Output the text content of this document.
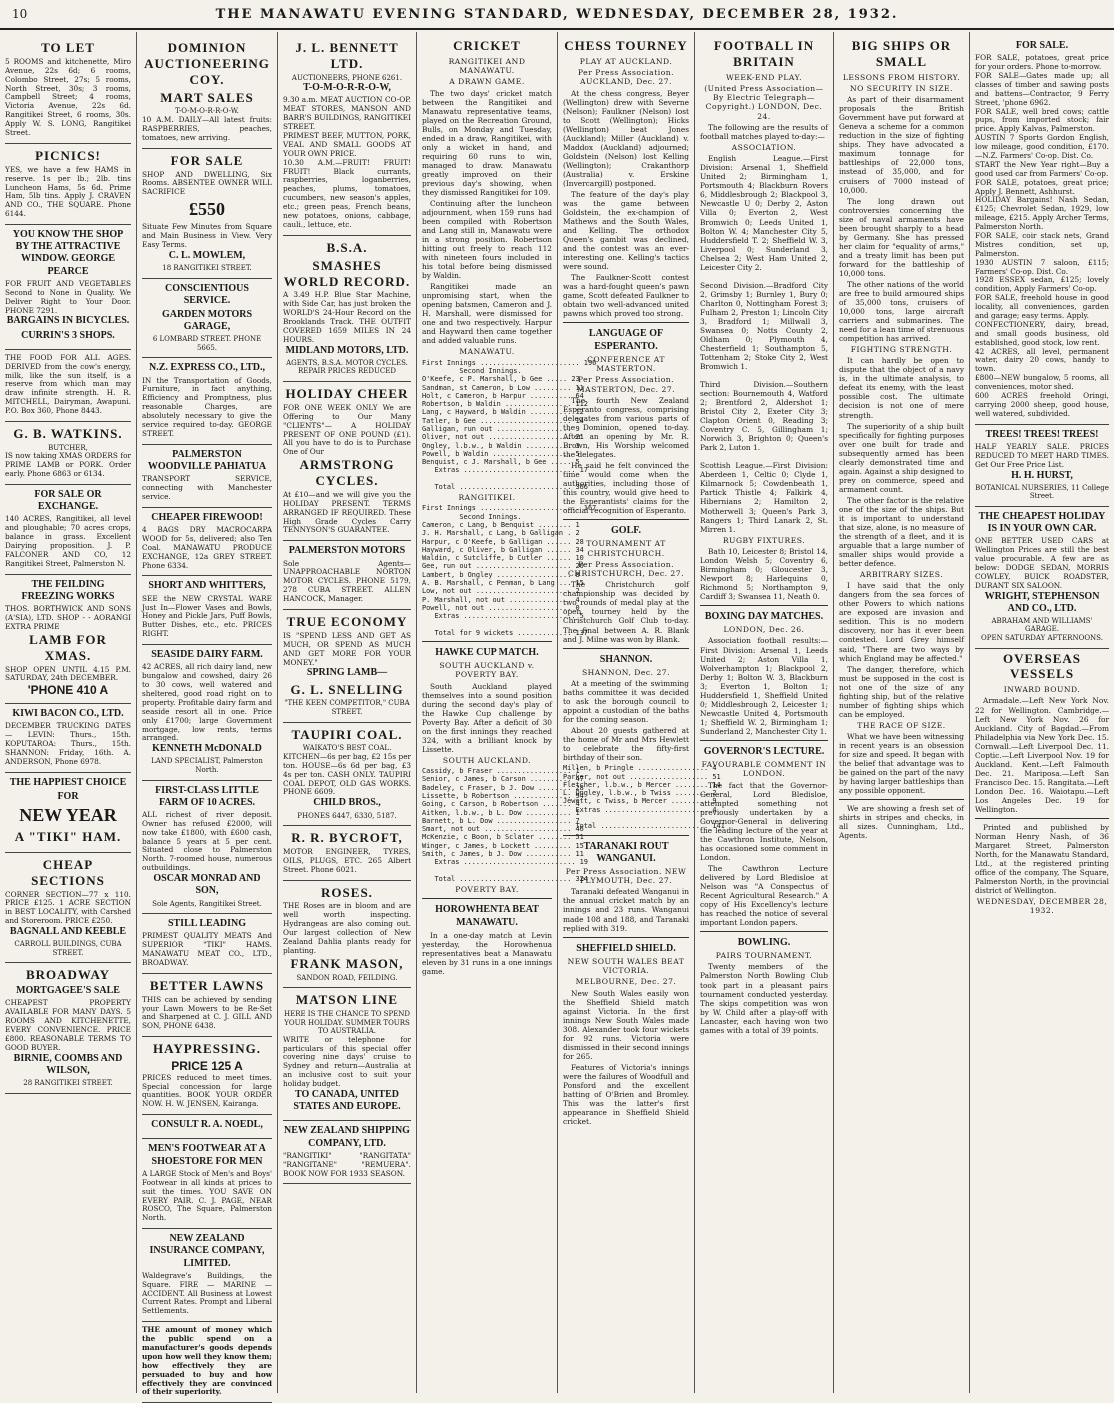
10	THE MANAWATU EVENING STANDARD, WEDNESDAY, DECEMBER 28, 1932.
TO LET

5 ROOMS and kitchenette, Miro Avenue, 22s 6d; 6 rooms, Colombo Street, 27s; 5 rooms, North Street, 30s; 3 rooms, Campbell Street; 4 rooms, Victoria Avenue, 22s 6d. Rangitikei Street, 6 rooms, 30s. Apply W. S. LONG, Rangitikei Street.

PICNICS!

YES, we have a few HAMS in reserve. 1s per lb.; 2lb. tins Luncheon Hams, 5s 6d. Prime Ham, 5lb tins. Apply J. CRAVEN AND CO., THE SQUARE. Phone 6144.

YOU KNOW THE SHOP BY THE ATTRACTIVE WINDOW. GEORGE PEARCE

FOR FRUIT AND VEGETABLES Second to None in Quality. We Deliver Right to Your Door. PHONE 7291.

BARGAINS IN BICYCLES.
CURRIN'S 3 SHOPS.

THE FOOD FOR ALL AGES. DERIVED from the cow's energy, milk, like the sun itself, is a reserve from which man may draw infinite strength. H. R. MITCHELL, Dairyman, Awapuni. P.O. Box 360, Phone 8443.

G. B. WATKINS.
BUTCHER,

IS now taking XMAS ORDERS for PRIME LAMB or PORK. Order early. Phone 6863 or 6134.

FOR SALE OR EXCHANGE.

140 ACRES, Rangitikei, all level and ploughable; 70 acres crops, balance in grass. Excellent Dairying proposition. J. P. FALCONER AND CO, 12 Rangitikei Street, Palmerston N.

THE FEILDING FREEZING WORKS

THOS. BORTHWICK AND SONS (A'SIA), LTD. SHOP - - AORANGI EXTRA PRIME

LAMB FOR XMAS.

SHOP OPEN UNTIL 4.15 P.M. SATURDAY, 24th DECEMBER.

'PHONE 410 A
KIWI BACON CO., LTD.

DECEMBER TRUCKING DATES— LEVIN: Thurs., 15th. KOPUTAROA: Thurs., 15th. SHANNON: Friday, 16th. A. ANDERSON, Phone 6978.

THE HAPPIEST CHOICE
FOR
NEW YEAR
A "TIKI" HAM.
CHEAP SECTIONS

CORNER SECTION—77 x 110. PRICE £125. 1 ACRE SECTION in BEST LOCALITY, with Carshed and Storeroom. PRICE £250.

BAGNALL AND KEEBLE
CARROLL BUILDINGS, CUBA STREET.
BROADWAY
MORTGAGEE'S SALE

CHEAPEST PROPERTY AVAILABLE FOR MANY DAYS. 5 ROOMS AND KITCHENETTE, EVERY CONVENIENCE. PRICE £800. REASONABLE TERMS TO GOOD BUYER.

BIRNIE, COOMBS AND WILSON,
28 RANGITIKEI STREET.
DOMINION AUCTIONEERING COY.
MART SALES
T-O-M-O-R-R-O-W.

10 A.M. DAILY—All latest fruits: RASPBERRIES, peaches, tomatoes, new arriving.

FOR SALE

SHOP AND DWELLING, Six Rooms. ABSENTEE OWNER WILL SACRIFICE

£550

Situate Few Minutes from Square and Main Business in View. Very Easy Terms.

C. L. MOWLEM,
18 RANGITIKEI STREET.
CONSCIENTIOUS SERVICE.
GARDEN MOTORS GARAGE,
6 LOMBARD STREET. PHONE 5665.
N.Z. EXPRESS CO., LTD.,

IN the Transportation of Goods, Furniture, in fact anything, Efficiency and Promptness, plus reasonable Charges, are absolutely necessary to give the service required to-day. GEORGE STREET.

PALMERSTON WOODVILLE PAHIATUA

TRANSPORT SERVICE, connecting with Manchester service.

CHEAPER FIREWOOD!

4 BAGS DRY MACROCARPA WOOD for 5s, delivered; also Ten Coal. MANAWATU PRODUCE EXCHANGE, 12a GREY STREET. Phone 6334.

SHORT AND WHITTERS,

SEE the NEW CRYSTAL WARE Just In—Flower Vases and Bowls, Honey and Pickle Jars, Puff Bowls, Butter Dishes, etc., etc. PRICES RIGHT.

SEASIDE DAIRY FARM.

42 ACRES, all rich dairy land, new bungalow and cowshed, dairy 26 to 30 cows, well watered and sheltered, good road right on to property. Profitable dairy farm and seaside resort all in one. Price only £1700; large Government mortgage, low rents, terms arranged.

KENNETH McDONALD
LAND SPECIALIST, Palmerston North.
FIRST-CLASS LITTLE FARM OF 10 ACRES.

ALL richest of river deposit. Owner has refused £2000, will now take £1800, with £600 cash, balance 5 years at 5 per cent. Situated close to Palmerston North. 7-roomed house, numerous outbuildings.

OSCAR MONRAD AND SON,
Sole Agents, Rangitikei Street.
STILL LEADING

PRIMEST QUALITY MEATS And SUPERIOR "TIKI" HAMS. MANAWATU MEAT CO., LTD., BROADWAY.

BETTER LAWNS

THIS can be achieved by sending your Lawn Mowers to be Re-Set and Sharpened at C. J. GILL AND SON, PHONE 6438.

HAYPRESSING.
PRICE 125 A

PRICES reduced to meet times. Special concession for large quantities. BOOK YOUR ORDER NOW. H. W. JENSEN, Kairanga.

CONSULT R. A. NOEDL,
MEN'S FOOTWEAR AT A SHOESTORE FOR MEN

A LARGE Stock of Men's and Boys' Footwear in all kinds at prices to suit the times. YOU SAVE ON EVERY PAIR. C. J. PAGE, NEAR ROSCO, The Square, Palmerston North.

NEW ZEALAND INSURANCE COMPANY, LIMITED.

Waldegrave's Buildings, the Square. FIRE — MARINE — ACCIDENT. All Business at Lowest Current Rates. Prompt and Liberal Settlements.

THE amount of money which the public spend on a manufacturer's goods depends upon how well they know them; how effectively they are persuaded to buy and how effectively they are convinced of their superiority.

J. L. BENNETT LTD.
AUCTIONEERS, PHONE 6261.
T-O-M-O-R-R-O-W,

9.30 a.m. MEAT AUCTION CO-OP. MEAT STORES, MANSON AND BARR'S BUILDINGS, RANGITIKEI STREET.

PRIMEST BEEF, MUTTON, PORK, VEAL AND SMALL GOODS AT YOUR OWN PRICE.

10.30 A.M.—FRUIT! FRUIT! FRUIT! Black currants, raspberries, loganberries, peaches, plums, tomatoes, cucumbers, new season's apples, etc.; green peas, French beans, new potatoes, onions, cabbage, cauli., lettuce, etc.

B.S.A.
SMASHES WORLD RECORD.

A 3.49 H.P. Blue Star Machine, with Side Car, has just broken the WORLD'S 24-Hour Record on the Brooklands Track. THE OUTFIT COVERED 1659 MILES IN 24 HOURS.

MIDLAND MOTORS, LTD.
AGENTS, B.S.A. MOTOR CYCLES.
REPAIR PRICES REDUCED
HOLIDAY CHEER

FOR ONE WEEK ONLY We are Offering to Our Many "CLIENTS"— A HOLIDAY PRESENT OF ONE POUND (£1). All you have to do is to Purchase One of Our

ARMSTRONG CYCLES.

At £10—and we will give you the HOLIDAY PRESENT. TERMS ARRANGED IF REQUIRED. These High Grade Cycles Carry TENNYSON'S GUARANTEE.

PALMERSTON MOTORS

Sole Agents— UNAPPROACHABLE NORTON MOTOR CYCLES. PHONE 5179, 278 CUBA STREET. ALLEN HANCOCK, Manager.

TRUE ECONOMY

IS "SPEND LESS AND GET AS MUCH, OR SPEND AS MUCH AND GET MORE FOR YOUR MONEY."

SPRING LAMB—
G. L. SNELLING
"THE KEEN COMPETITOR," CUBA STREET.
TAUPIRI COAL.
WAIKATO'S BEST COAL.

KITCHEN—6s per bag, £2 15s per ton. HOUSE—6s 6d per bag, £3 4s per ton. CASH ONLY. TAUPIRI COAL DEPOT, OLD GAS WORKS. PHONE 6609.

CHILD BROS.,
PHONES 6447, 6330, 5187.
R. R. BYCROFT,

MOTOR ENGINEER, TYRES, OILS, PLUGS, ETC. 265 Albert Street. Phone 6021.

ROSES.

THE Roses are in bloom and are well worth inspecting. Hydrangeas are also coming out. Our largest collection of New Zealand Dahlia plants ready for planting.

FRANK MASON,
SANDON ROAD, FEILDING.
MATSON LINE
HERE IS THE CHANCE TO SPEND YOUR HOLIDAY. SUMMER TOURS TO AUSTRALIA.

WRITE or telephone for particulars of this special offer covering nine days' cruise to Sydney and return—Australia at an inclusive cost to suit your holiday budget.

TO CANADA, UNITED STATES AND EUROPE.
NEW ZEALAND SHIPPING COMPANY, LTD.

"RANGITIKI" "RANGITATA" "RANGITANE" "REMUERA". BOOK NOW FOR 1933 SEASON.

CRICKET
RANGITIKEI AND MANAWATU.
A DRAWN GAME.

The two days' cricket match between the Rangitikei and Manawatu representative teams, played on the Recreation Ground, Bulls, on Monday and Tuesday, ended in a draw, Rangitikei, with only a wicket in hand, and requiring 60 runs to win, managed to draw. Manawatu greatly improved on their previous day's showing, when they dismissed Rangitikei for 109.

Continuing after the luncheon adjournment, when 159 runs had been compiled with Robertson and Lang still in, Manawatu were in a strong position. Robertson hitting out freely to reach 112 with nineteen fours included in his total before being dismissed by Waldin.

Rangitikei made an unpromising start, when the opening batsmen, Cameron and J. H. Marshall, were dismissed for one and two respectively. Harpur and Hayward then came together and added valuable runs.

MANAWATU.
First Innings ........................ 196
Second Innings.
O'Keefe, c P. Marshall, b Gee ..... 23
Sandman, st Cameron, b Low ......... 11
Holt, c Cameron, b Harpur .......... 64
Robertson, b Waldin ................ 112
Lang, c Hayward, b Waldin .......... 12
Tatler, b Gee ...................... 14
Galligan, run out .................. 9
Oliver, not out .................... 21
Ongley, l.b.w., b Waldin ........... 3
Powell, b Waldin ................... 5
Benquist, c J. Marshall, b Gee ..... 5
Extras ........................... 17

Total ........................... 366
RANGITIKEI.
First Innings ........................ 167
Second Innings.
Cameron, c Lang, b Benquist ........ 1
J. H. Marshall, c Lang, b Galligan . 2
Harpur, c O'Keefe, b Galligan ...... 28
Hayward, c Oliver, b Galligan ...... 34
Waldin, c Sutcliffe, b Cutler ...... 10
Gee, run out ....................... 20
Lambert, b Ongley .................. 8
A. B. Marshall, c Penman, b Lang ... 15
Low, not out ....................... 2
P. Marshall, not out ............... 4
Powell, not out .................... 0
Extras ........................... 5

Total for 9 wickets ............. 137
HAWKE CUP MATCH.
SOUTH AUCKLAND v. POVERTY BAY.

South Auckland played themselves into a sound position during the second day's play of the Hawke Cup challenge by Poverty Bay. After a deficit of 30 on the first innings they reached 324, with a brilliant knock by Lissette.

SOUTH AUCKLAND.
Cassidy, b Fraser .................. 1
Senior, c James, b Carson .......... 47
Badeley, c Fraser, b J. Dow ........ 28
Lissette, b Robertson .............. 94
Going, c Carson, b Robertson ....... 4
Aitken, l.b.w., b L. Dow ........... 1
Barnett, b L. Dow .................. 7
Smart, not out ..................... 46
McKenzie, c Boon, b Sclater ........ 51
Winger, c James, b Lockett ......... 15
Smith, c James, b J. Dow ........... 11
Extras ........................... 19

Total ........................... 324
POVERTY BAY.
HOROWHENTA BEAT MANAWATU.

In a one-day match at Levin yesterday, the Horowhenua representatives beat a Manawatu eleven by 31 runs in a one innings game.

CHESS TOURNEY
PLAY AT AUCKLAND.
Per Press Association. AUCKLAND, Dec. 27.

At the chess congress, Beyer (Wellington) drew with Severne (Nelson); Faulkner (Nelson) lost to Scott (Wellington); Hicks (Wellington) beat Jones (Auckland); Miller (Auckland) v. Maddox (Auckland) adjourned; Goldstein (Nelson) lost Kelling (Wellington); Crakanthorp (Australia) v. Erskine (Invercargill) postponed.

The feature of the day's play was the game between Goldstein, the ex-champion of Mathews and the South Wales, and Kelling. The orthodox Queen's gambit was declined, and the contest was an ever-interesting one. Kelling's tactics were sound.

The Faulkner-Scott contest was a hard-fought queen's pawn game, Scott defeated Faulkner to obtain two well-advanced united pawns which proved too strong.

LANGUAGE OF ESPERANTO.
CONFERENCE AT MASTERTON.
Per Press Association. MASTERTON, Dec. 27.

The fourth New Zealand Esperanto congress, comprising delegates from various parts of the Dominion, opened to-day. After an opening by Mr. R. Brown, His Worship welcomed the delegates.

He said he felt convinced the time would come when the authorities, including those of this country, would give heed to the Esperantists' claims for the official recognition of Esperanto.

GOLF.
TOURNAMENT AT CHRISTCHURCH.
Per Press Association. CHRISTCHURCH, Dec. 27.

The Christchurch golf championship was decided by two rounds of medal play at the open tourney held by the Christchurch Golf Club to-day. The final between A. R. Blank and J. Milne was won by Blank.

SHANNON.
SHANNON, Dec. 27.

At a meeting of the swimming baths committee it was decided to ask the borough council to appoint a custodian of the baths for the coming season.

About 20 guests gathered at the home of Mr and Mrs Hewlett to celebrate the fifty-first birthday of their son.

Millen, b Pringle ................. 4
Parker, not out ................... 51
Fletcher, l.b.w., b Mercer ........ 14
L. Ongley, l.b.w., b Twiss ........ 2
Jewett, c Twiss, b Mercer ......... 9
Extras ......................... 4

Total .......................... 141
TARANAKI ROUT WANGANUI.
Per Press Association. NEW PLYMOUTH, Dec. 27.

Taranaki defeated Wanganui in the annual cricket match by an innings and 23 runs. Wanganui made 108 and 188, and Taranaki replied with 319.

SHEFFIELD SHIELD.
NEW SOUTH WALES BEAT VICTORIA.
MELBOURNE, Dec. 27.

New South Wales easily won the Sheffield Shield match against Victoria. In the first innings New South Wales made 308. Alexander took four wickets for 92 runs. Victoria were dismissed in their second innings for 265.

Features of Victoria's innings were the failures of Woodfull and Ponsford and the excellent batting of O'Brien and Bromley. This was the latter's first appearance in Sheffield Shield cricket.

FOOTBALL IN BRITAIN
WEEK-END PLAY.
(United Press Association—By Electric Telegraph—Copyright.) LONDON, Dec. 24.

The following are the results of football matches played to-day:—

ASSOCIATION.

English League.—First Division: Arsenal 1, Sheffield United 2; Birmingham 1, Portsmouth 4; Blackburn Rovers 6, Middlesbrough 2; Blackpool 3, Newcastle U 0; Derby 2, Aston Villa 0; Everton 2, West Bromwich 0; Leeds United 1, Bolton W. 4; Manchester City 5, Huddersfield T. 2; Sheffield W. 3, Liverpool 0; Sunderland 3, Chelsea 2; West Ham United 2, Leicester City 2.

Second Division.—Bradford City 2, Grimsby 1; Burnley 1, Bury 0; Charlton 0, Nottingham Forest 3; Fulham 2, Preston 1; Lincoln City 3, Bradford 1; Millwall 3, Swansea 0; Notts County 2, Oldham 0; Plymouth 4, Chesterfield 1; Southampton 5, Tottenham 2; Stoke City 2, West Bromwich 1.

Third Division.—Southern section: Bournemouth 4, Watford 2; Brentford 2, Aldershot 1; Bristol City 2, Exeter City 3; Clapton Orient 0, Reading 3; Coventry C. 5, Gillingham 1; Norwich 3, Brighton 0; Queen's Park 2, Luton 1.

Scottish League.—First Division: Aberdeen 1, Celtic 0; Clyde 1, Kilmarnock 5; Cowdenbeath 1, Partick Thistle 4; Falkirk 4, Hibernians 2; Hamilton 2, Motherwell 3; Queen's Park 3, Rangers 1; Third Lanark 2, St. Mirren 1.

RUGBY FIXTURES.

Bath 10, Leicester 8; Bristol 14, London Welsh 5; Coventry 6, Birmingham 0; Gloucester 3, Newport 8; Harlequins 0, Richmond 5; Northampton 9, Cardiff 3; Swansea 11, Neath 0.

BOXING DAY MATCHES.
LONDON, Dec. 26.

Association football results:— First Division: Arsenal 1, Leeds United 2; Aston Villa 1, Wolverhampton 1; Blackpool 2, Derby 1; Bolton W. 3, Blackburn 3; Everton 1, Bolton 1; Huddersfield 1, Sheffield United 0; Middlesbrough 2, Leicester 1; Newcastle United 4, Portsmouth 1; Sheffield W. 2, Birmingham 1; Sunderland 2, Manchester City 1.

GOVERNOR'S LECTURE.
FAVOURABLE COMMENT IN LONDON.

The fact that the Governor-General, Lord Bledisloe, attempted something not previously undertaken by a Governor-General in delivering the leading lecture of the year at the Cawthron Institute, Nelson, has occasioned some comment in London.

The Cawthron Lecture delivered by Lord Bledisloe at Nelson was "A Conspectus of Recent Agricultural Research." A copy of His Excellency's lecture has reached the notice of several important London papers.

BOWLING.
PAIRS TOURNAMENT.

Twenty members of the Palmerston North Bowling Club took part in a pleasant pairs tournament conducted yesterday. The skips competition was won by W. Child after a play-off with Lancaster, each having won two games with a total of 39 points.

BIG SHIPS OR SMALL
LESSONS FROM HISTORY.
NO SECURITY IN SIZE.

As part of their disarmament proposals the British Government have put forward at Geneva a scheme for a common reduction in the size of fighting ships. They have advocated a maximum tonnage for battleships of 22,000 tons, instead of 35,000, and for cruisers of 7000 instead of 10,000.

The long drawn out controversies concerning the size of naval armaments have been brought sharply to a head by Germany. She has pressed her claim for "equality of arms," and a treaty limit has been put forward for the battleship of 10,000 tons.

The other nations of the world are free to build armoured ships of 35,000 tons, cruisers of 10,000 tons, large aircraft carriers and submarines. The need for a lean time of strenuous competition has arrived.

FIGHTING STRENGTH.

It can hardly be open to dispute that the object of a navy is, in the ultimate analysis, to defeat its enemy, with the least possible cost. The ultimate decision is not one of mere strength.

The superiority of a ship built specifically for fighting purposes over one built for trade and subsequently armed has been clearly demonstrated time and again. Against a ship designed to prey on commerce, speed and armament count.

The other factor is the relative one of the size of the ships. But it is important to understand that size, alone, is no measure of the strength of a fleet, and it is arguable that a large number of smaller ships would provide a better defence.

ARBITRARY SIZES.

I have said that the only dangers from the sea forces of other Powers to which nations are exposed are invasion and sedition. This is no modern discovery, nor has it ever been contested. Lord Grey himself said, "There are two ways by which England may be affected."

The danger, therefore, which must be supposed in the cost is not one of the size of any fighting ship, but of the relative number of fighting ships which can be employed.

THE RACE OF SIZE.

What we have been witnessing in recent years is an obsession for size and speed. It began with the belief that advantage was to be gained on the part of the navy by having larger battleships than any possible opponent.

We are showing a fresh set of shirts in stripes and checks, in all sizes. Cunningham, Ltd., Agents.

FOR SALE.

FOR SALE, potatoes, great price for your orders. Phone to-morrow.

FOR SALE—Gates made up; all classes of timber and sawing posts and battens—Contractor, 9 Ferry Street, 'phone 6962.

FOR SALE, well bred cows; cattle pups, from imported stock; fair price. Apply Kalvas, Palmerston.

AUSTIN 7 Sports Gordon English, low mileage, good condition, £170.—N.Z. Farmers' Co-op. Dist. Co.

START the New Year right—Buy a good used car from Farmers' Co-op.

FOR SALE, potatoes, great price; Apply J. Bennett, Ashhurst.

HOLIDAY Bargains! Nash Sedan, £125; Chevrolet Sedan, 1929, low mileage, £215. Apply Archer Terms, Palmerston North.

FOR SALE, coir stack nets, Grand Mistres condition, set up, Palmerston.

1930 AUSTIN 7 saloon, £115; Farmers' Co-op. Dist. Co.

1928 ESSEX sedan, £125; lovely condition, Apply Farmers' Co-op.

FOR SALE, freehold house in good locality, all conveniences, garden and garage; easy terms. Apply.

CONFECTIONERY, dairy, bread, and small goods business, old established, good stock, low rent.

42 ACRES, all level, permanent water, dairy 20 cows, handy to town.

£800—NEW bungalow, 5 rooms, all conveniences, motor shed.

600 ACRES freehold Oringi, carrying 2000 sheep, good house, well watered, subdivided.

TREES! TREES! TREES!

HALF YEARLY SALE. PRICES REDUCED TO MEET HARD TIMES. Get Our Free Price List.

H. H. HURST,
BOTANICAL NURSERIES, 11 College Street.
THE CHEAPEST HOLIDAY IS IN YOUR OWN CAR.

ONE BETTER USED CARS at Wellington Prices are still the best value procurable. A few are as below: DODGE SEDAN, MORRIS COWLEY, BUICK ROADSTER, DURANT SIX SALOON.

WRIGHT, STEPHENSON AND CO., LTD.
ABRAHAM AND WILLIAMS' GARAGE.
OPEN SATURDAY AFTERNOONS.
OVERSEAS VESSELS
INWARD BOUND.

Armadale.—Left New York Nov. 22 for Wellington. Cambridge.—Left New York Nov. 26 for Auckland. City of Bagdad.—From Philadelphia via New York Dec. 15. Cornwall.—Left Liverpool Dec. 11. Coptic.—Left Liverpool Nov. 19 for Auckland. Kent.—Left Falmouth Dec. 21. Mariposa.—Left San Francisco Dec. 15. Rangitata.—Left London Dec. 16. Waiotapu.—Left Los Angeles Dec. 19 for Wellington.

Printed and published by Norman Henry Nash, of 36 Margaret Street, Palmerston North, for the Manawatu Standard, Ltd., at the registered printing office of the company, The Square, Palmerston North, in the provincial district of Wellington.

WEDNESDAY, DECEMBER 28, 1932.
